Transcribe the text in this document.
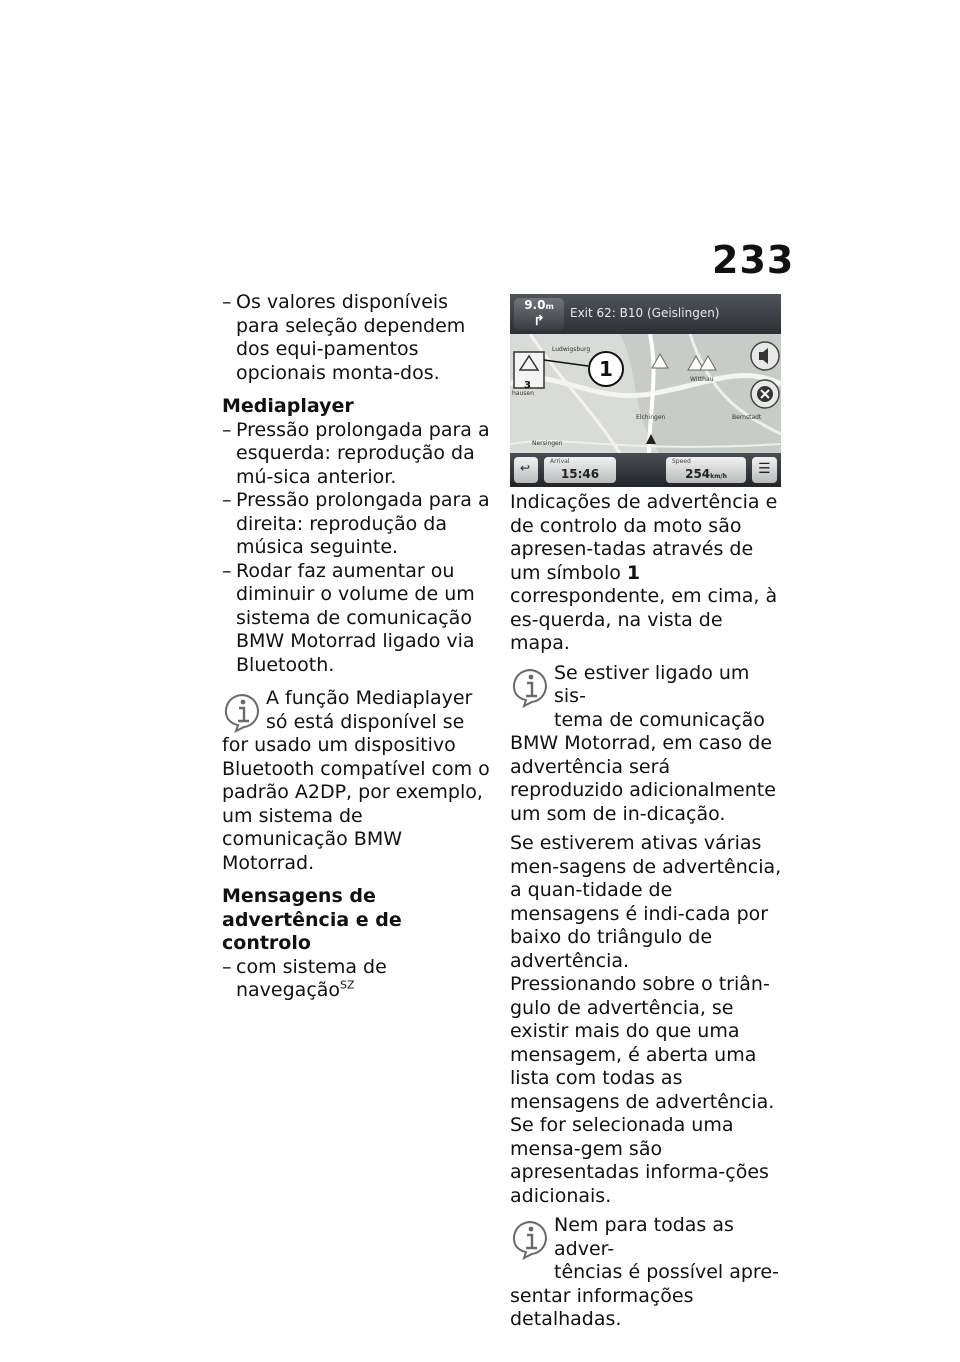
233
– Os valores disponíveis para seleção dependem dos equi-pamentos opcionais monta-dos.
Mediaplayer
– Pressão prolongada para a esquerda: reprodução da mú-sica anterior.
– Pressão prolongada para a direita: reprodução da música seguinte.
– Rodar faz aumentar ou diminuir o volume de um sistema de comunicação BMW Motorrad ligado via Bluetooth.
A função Mediaplayer
só está disponível se
for usado um dispositivo Bluetooth compatível com o padrão A2DP, por exemplo, um sistema de comunicação BMW Motorrad.
Mensagens de advertência e de controlo
– com sistema de navegação$^{SZ}$
3
Ludwigsburg
Witthau
Bernstadt
Elchingen
Nersingen
hausen
9.0m
↱	Exit 62: B10 (Geislingen)
1
↩	Arrival
15:46
Speed
254km/h	☰
Indicações de advertência e de controlo da moto são apresen-tadas através de um símbolo 1 correspondente, em cima, à es-querda, na vista de mapa.
Se estiver ligado um sis-
tema de comunicação
BMW Motorrad, em caso de advertência será reproduzido adicionalmente um som de in-dicação.
Se estiverem ativas várias men-sagens de advertência, a quan-tidade de mensagens é indi-cada por baixo do triângulo de advertência.
Pressionando sobre o triân-gulo de advertência, se existir mais do que uma mensagem, é aberta uma lista com todas as mensagens de advertência.
Se for selecionada uma mensa-gem são apresentadas informa-ções adicionais.
Nem para todas as adver-
tências é possível apre-
sentar informações detalhadas.
